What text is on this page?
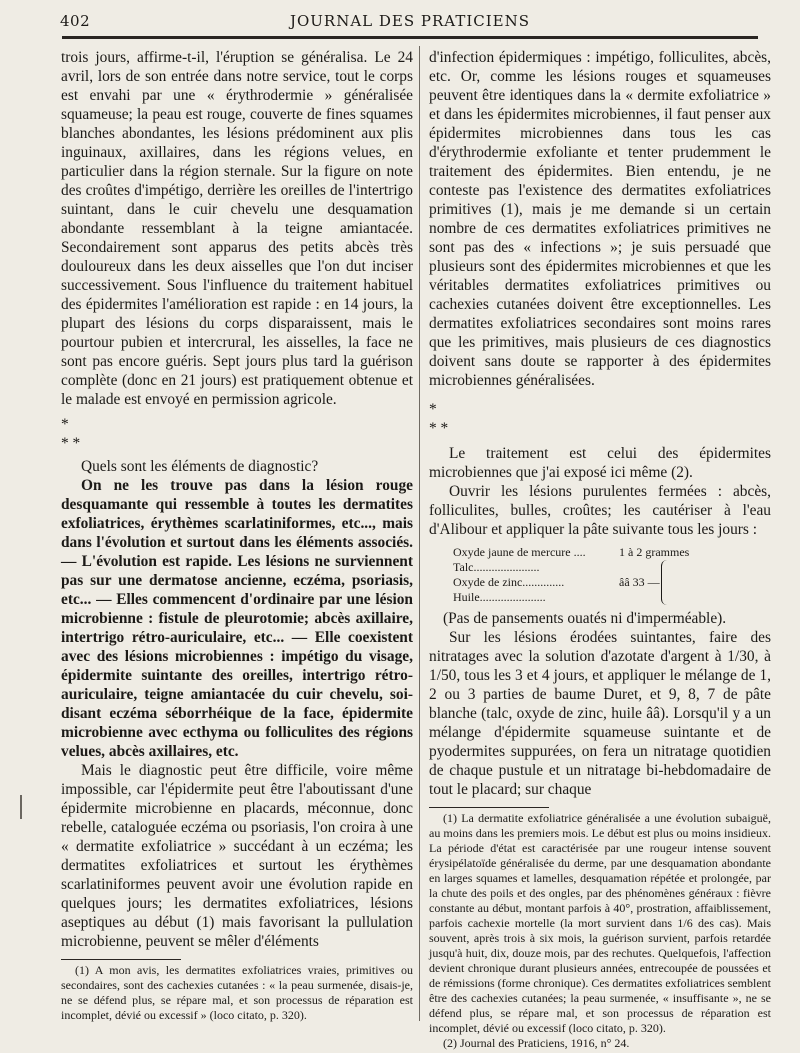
402	JOURNAL DES PRATICIENS

trois jours, affirme-t-il, l'éruption se généralisa. Le 24 avril, lors de son entrée dans notre service, tout le corps est envahi par une « érythrodermie » généralisée squameuse; la peau est rouge, couverte de fines squames blanches abondantes, les lésions prédominent aux plis inguinaux, axillaires, dans les régions velues, en particulier dans la région sternale. Sur la figure on note des croûtes d'impétigo, derrière les oreilles de l'intertrigo suintant, dans le cuir chevelu une desquamation abondante ressemblant à la teigne amiantacée. Secondairement sont apparus des petits abcès très douloureux dans les deux aisselles que l'on dut inciser successivement. Sous l'influence du traitement habituel des épidermites l'amélioration est rapide : en 14 jours, la plupart des lésions du corps disparaissent, mais le pourtour pubien et intercrural, les aisselles, la face ne sont pas encore guéris. Sept jours plus tard la guérison complète (donc en 21 jours) est pratiquement obtenue et le malade est envoyé en permission agricole.

*
* *

Quels sont les éléments de diagnostic?

On ne les trouve pas dans la lésion rouge desquamante qui ressemble à toutes les dermatites exfoliatrices, érythèmes scarlatiniformes, etc..., mais dans l'évolution et surtout dans les éléments associés. — L'évolution est rapide. Les lésions ne surviennent pas sur une dermatose ancienne, eczéma, psoriasis, etc... — Elles commencent d'ordinaire par une lésion microbienne : fistule de pleurotomie; abcès axillaire, intertrigo rétro-auriculaire, etc... — Elle coexistent avec des lésions microbiennes : impétigo du visage, épidermite suintante des oreilles, intertrigo rétro-auriculaire, teigne amiantacée du cuir chevelu, soi-disant eczéma séborrhéique de la face, épidermite microbienne avec ecthyma ou folliculites des régions velues, abcès axillaires, etc.

Mais le diagnostic peut être difficile, voire même impossible, car l'épidermite peut être l'aboutissant d'une épidermite microbienne en placards, méconnue, donc rebelle, cataloguée eczéma ou psoriasis, l'on croira à une « dermatite exfoliatrice » succédant à un eczéma; les dermatites exfoliatrices et surtout les érythèmes scarlatiniformes peuvent avoir une évolution rapide en quelques jours; les dermatites exfoliatrices, lésions aseptiques au début (1) mais favorisant la pullulation microbienne, peuvent se mêler d'éléments

(1) A mon avis, les dermatites exfoliatrices vraies, primitives ou secondaires, sont des cachexies cutanées : « la peau surmenée, disais-je, ne se défend plus, se répare mal, et son processus de réparation est incomplet, dévié ou excessif » (loco citato, p. 320).

d'infection épidermiques : impétigo, folliculites, abcès, etc. Or, comme les lésions rouges et squameuses peuvent être identiques dans la « dermite exfoliatrice » et dans les épidermites microbiennes, il faut penser aux épidermites microbiennes dans tous les cas d'érythrodermie exfoliante et tenter prudemment le traitement des épidermites. Bien entendu, je ne conteste pas l'existence des dermatites exfoliatrices primitives (1), mais je me demande si un certain nombre de ces dermatites exfoliatrices primitives ne sont pas des « infections »; je suis persuadé que plusieurs sont des épidermites microbiennes et que les véritables dermatites exfoliatrices primitives ou cachexies cutanées doivent être exceptionnelles. Les dermatites exfoliatrices secondaires sont moins rares que les primitives, mais plusieurs de ces diagnostics doivent sans doute se rapporter à des épidermites microbiennes généralisées.

*
* *

Le traitement est celui des épidermites microbiennes que j'ai exposé ici même (2).

Ouvrir les lésions purulentes fermées : abcès, folliculites, bulles, croûtes; les cautériser à l'eau d'Alibour et appliquer la pâte suivante tous les jours :

Oxyde jaune de mercure ....	1 à 2 grammes
Talc......................
Oxyde de zinc..............	ââ 33 —
Huile......................

(Pas de pansements ouatés ni d'imperméable).

Sur les lésions érodées suintantes, faire des nitratages avec la solution d'azotate d'argent à 1/30, à 1/50, tous les 3 et 4 jours, et appliquer le mélange de 1, 2 ou 3 parties de baume Duret, et 9, 8, 7 de pâte blanche (talc, oxyde de zinc, huile ââ). Lorsqu'il y a un mélange d'épidermite squameuse suintante et de pyodermites suppurées, on fera un nitratage quotidien de chaque pustule et un nitratage bi-hebdomadaire de tout le placard; sur chaque

(1) La dermatite exfoliatrice généralisée a une évolution subaiguë, au moins dans les premiers mois. Le début est plus ou moins insidieux. La période d'état est caractérisée par une rougeur intense souvent érysipélatoïde généralisée du derme, par une desquamation abondante en larges squames et lamelles, desquamation répétée et prolongée, par la chute des poils et des ongles, par des phénomènes généraux : fièvre constante au début, montant parfois à 40°, prostration, affaiblissement, parfois cachexie mortelle (la mort survient dans 1/6 des cas). Mais souvent, après trois à six mois, la guérison survient, parfois retardée jusqu'à huit, dix, douze mois, par des rechutes. Quelquefois, l'affection devient chronique durant plusieurs années, entrecoupée de poussées et de rémissions (forme chronique). Ces dermatites exfoliatrices semblent être des cachexies cutanées; la peau surmenée, « insuffisante », ne se défend plus, se répare mal, et son processus de réparation est incomplet, dévié ou excessif (loco citato, p. 320).

(2) Journal des Praticiens, 1916, n° 24.
